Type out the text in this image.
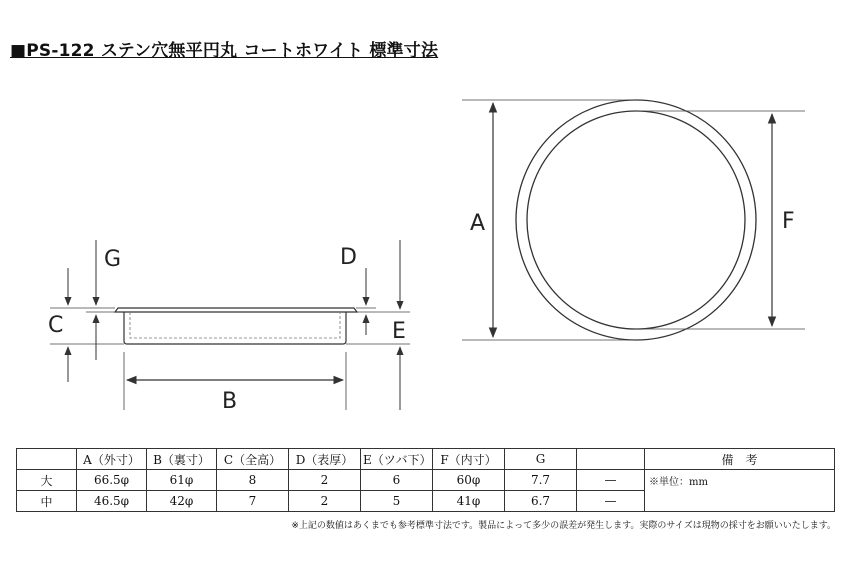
■PS-122 ステン穴無平円丸 コートホワイト 標準寸法
C
G	D
E
B
A	F
	A（外寸）	B（裏寸）	C（全高）	D（表厚）	E（ツバ下）	F（内寸）	G		備　考
大	66.5φ	61φ	8	2	6	60φ	7.7	—	※単位：mm
中	46.5φ	42φ	7	2	5	41φ	6.7	—	
※上記の数値はあくまでも参考標準寸法です。製品によって多少の誤差が発生します。実際のサイズは現物の採寸をお願いいたします。
